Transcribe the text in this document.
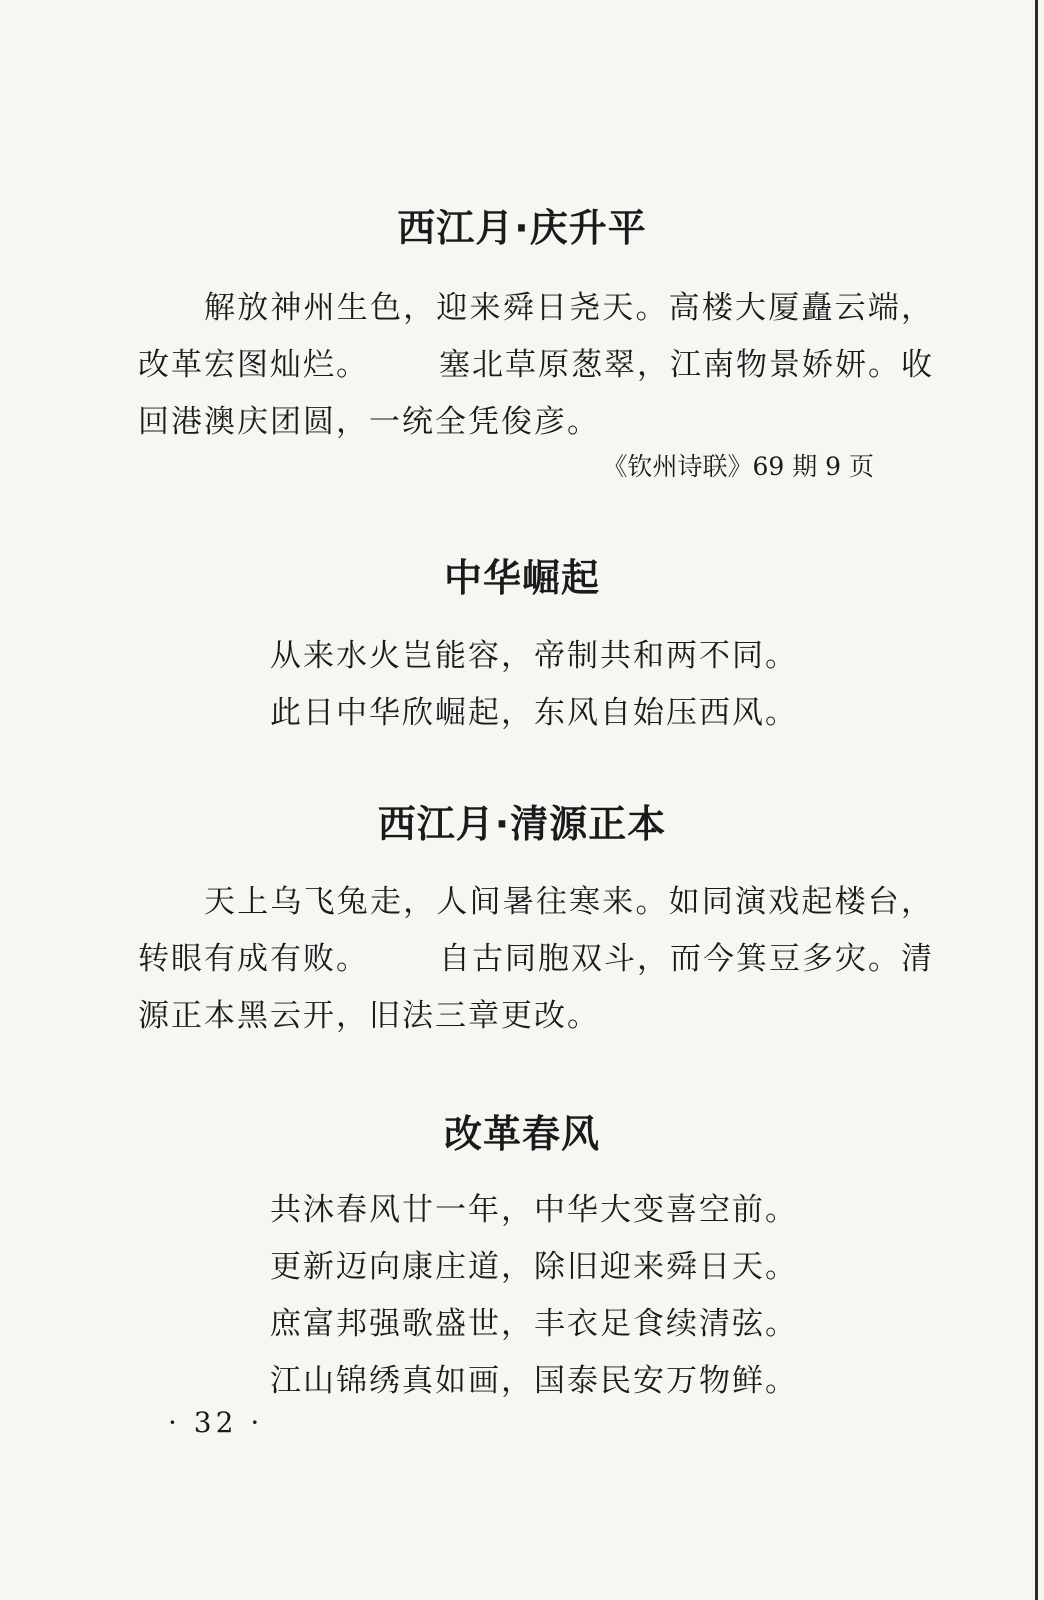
西江月·庆升平

解放神州生色，迎来舜日尧天。高楼大厦矗云端，改革宏图灿烂。 塞北草原葱翠，江南物景娇妍。收回港澳庆团圆，一统全凭俊彦。

《钦州诗联》69 期 9 页
中华崛起
从来水火岂能容，帝制共和两不同。
此日中华欣崛起，东风自始压西风。
西江月·清源正本

天上乌飞兔走，人间暑往寒来。如同演戏起楼台，转眼有成有败。 自古同胞双斗，而今箕豆多灾。清源正本黑云开，旧法三章更改。

改革春风
共沐春风廿一年，中华大变喜空前。
更新迈向康庄道，除旧迎来舜日天。
庶富邦强歌盛世，丰衣足食续清弦。
江山锦绣真如画，国泰民安万物鲜。
· 32 ·
